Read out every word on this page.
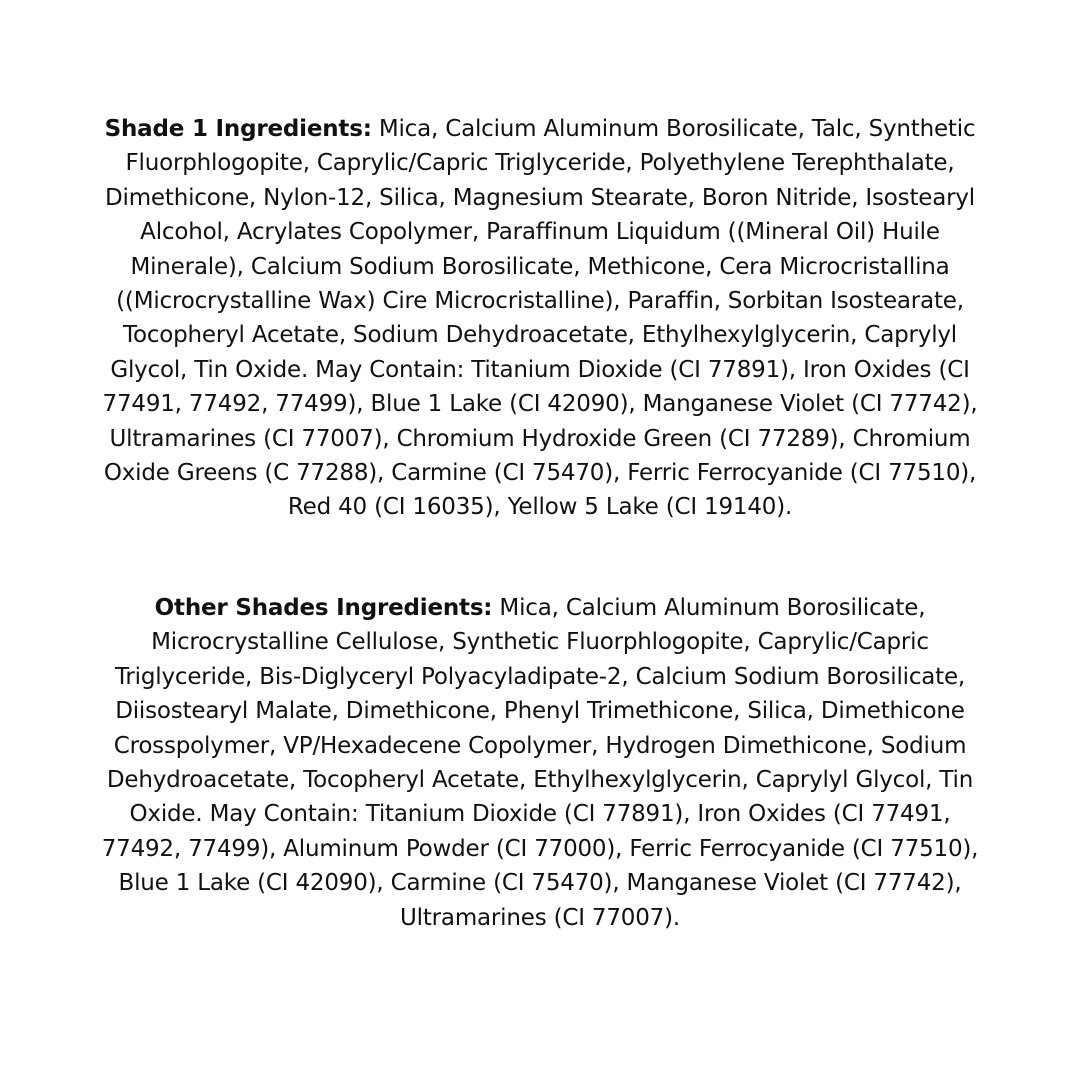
Shade 1 Ingredients: Mica, Calcium Aluminum Borosilicate, Talc, Synthetic Fluorphlogopite, Caprylic/Capric Triglyceride, Polyethylene Terephthalate, Dimethicone, Nylon-12, Silica, Magnesium Stearate, Boron Nitride, Isostearyl Alcohol, Acrylates Copolymer, Paraffinum Liquidum ((Mineral Oil) Huile Minerale), Calcium Sodium Borosilicate, Methicone, Cera Microcristallina ((Microcrystalline Wax) Cire Microcristalline), Paraffin, Sorbitan Isostearate, Tocopheryl Acetate, Sodium Dehydroacetate, Ethylhexylglycerin, Caprylyl Glycol, Tin Oxide. May Contain: Titanium Dioxide (CI 77891), Iron Oxides (CI 77491, 77492, 77499), Blue 1 Lake (CI 42090), Manganese Violet (CI 77742), Ultramarines (CI 77007), Chromium Hydroxide Green (CI 77289), Chromium Oxide Greens (C 77288), Carmine (CI 75470), Ferric Ferrocyanide (CI 77510), Red 40 (CI 16035), Yellow 5 Lake (CI 19140).

Other Shades Ingredients: Mica, Calcium Aluminum Borosilicate, Microcrystalline Cellulose, Synthetic Fluorphlogopite, Caprylic/Capric Triglyceride, Bis-Diglyceryl Polyacyladipate-2, Calcium Sodium Borosilicate, Diisostearyl Malate, Dimethicone, Phenyl Trimethicone, Silica, Dimethicone Crosspolymer, VP/Hexadecene Copolymer, Hydrogen Dimethicone, Sodium Dehydroacetate, Tocopheryl Acetate, Ethylhexylglycerin, Caprylyl Glycol, Tin Oxide. May Contain: Titanium Dioxide (CI 77891), Iron Oxides (CI 77491, 77492, 77499), Aluminum Powder (CI 77000), Ferric Ferrocyanide (CI 77510), Blue 1 Lake (CI 42090), Carmine (CI 75470), Manganese Violet (CI 77742), Ultramarines (CI 77007).
